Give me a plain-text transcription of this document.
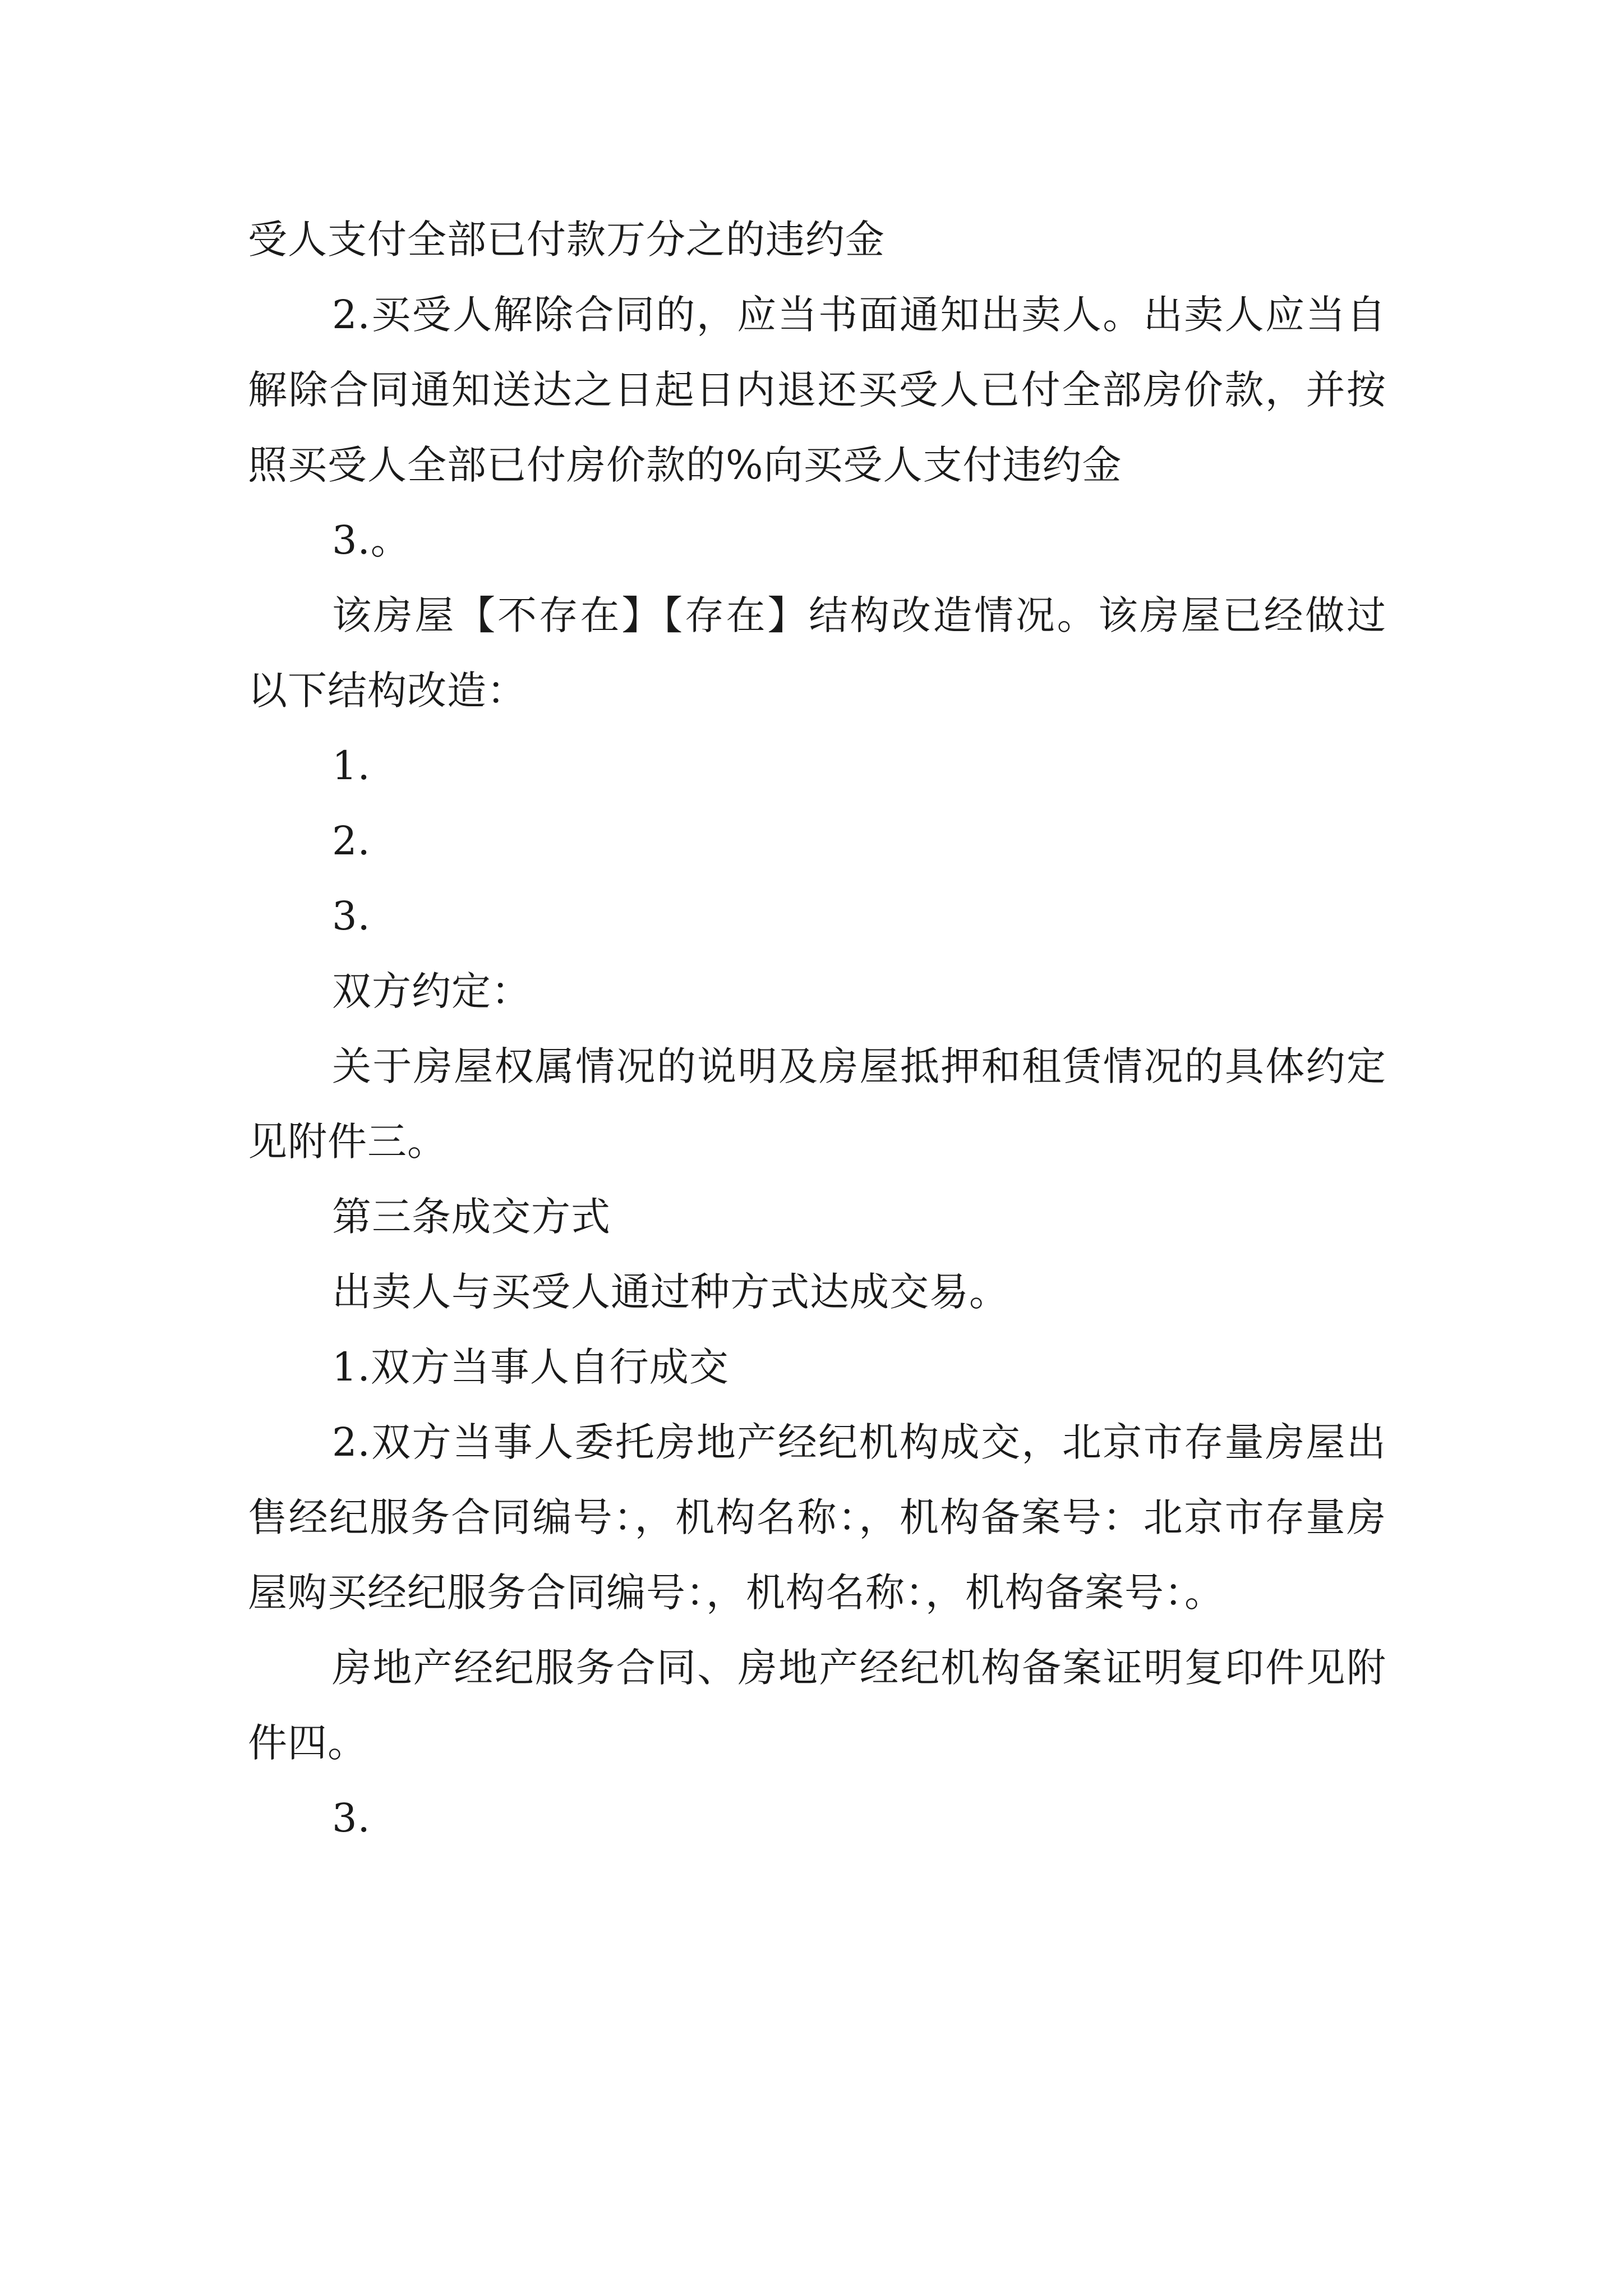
受人支付全部已付款万分之的违约金

2.买受人解除合同的，应当书面通知出卖人。出卖人应当自解除合同通知送达之日起日内退还买受人已付全部房价款，并按照买受人全部已付房价款的%向买受人支付违约金

3.。

该房屋【不存在】【存在】结构改造情况。该房屋已经做过以下结构改造：

1.

2.

3.

双方约定：

关于房屋权属情况的说明及房屋抵押和租赁情况的具体约定见附件三。

第三条成交方式

出卖人与买受人通过种方式达成交易。

1.双方当事人自行成交

2.双方当事人委托房地产经纪机构成交，北京市存量房屋出售经纪服务合同编号：，机构名称：，机构备案号：北京市存量房屋购买经纪服务合同编号：，机构名称：，机构备案号：。

房地产经纪服务合同、房地产经纪机构备案证明复印件见附件四。

3.
